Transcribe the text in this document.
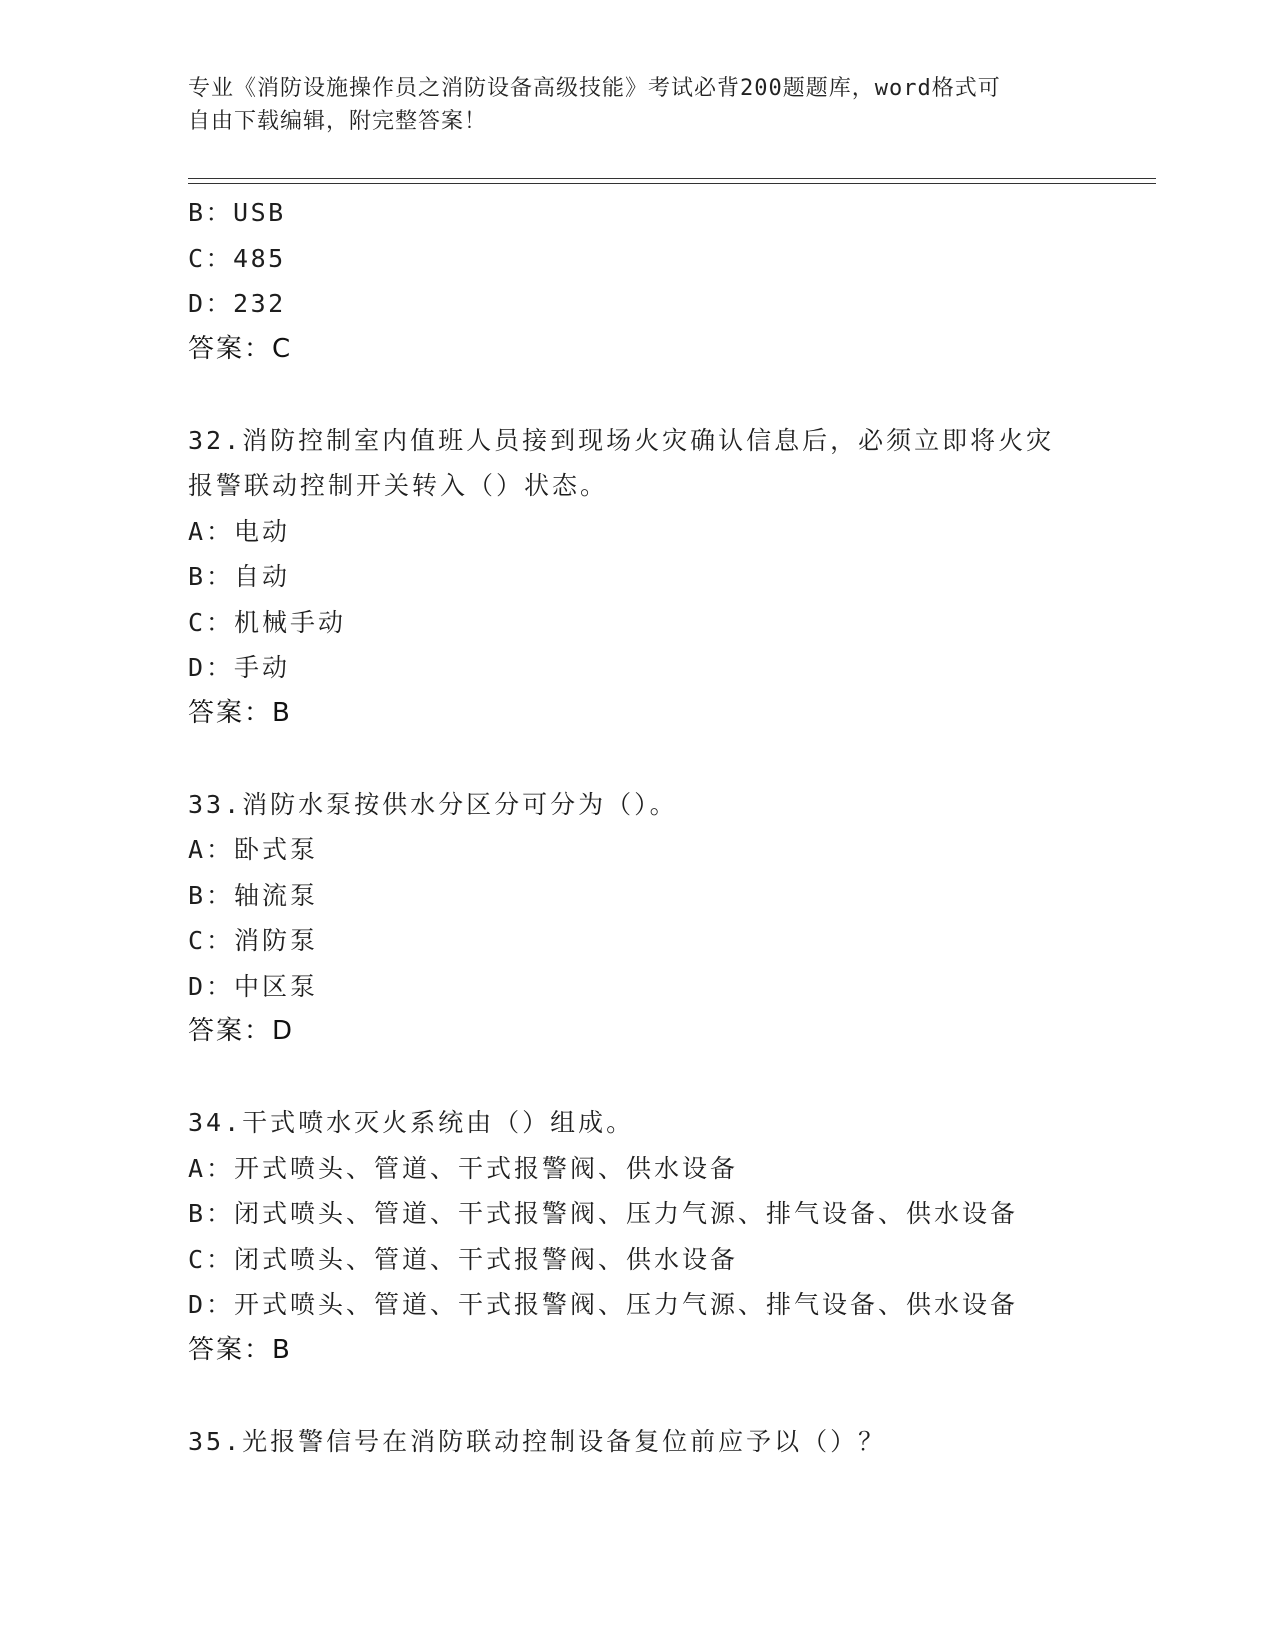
专业《消防设施操作员之消防设备高级技能》考试必背200题题库，word格式可
自由下载编辑，附完整答案！
B：USB
C：485
D：232
答案：C
32.消防控制室内值班人员接到现场火灾确认信息后，必须立即将火灾
报警联动控制开关转入（）状态。
A：电动
B：自动
C：机械手动
D：手动
答案：B
33.消防水泵按供水分区分可分为（）。
A：卧式泵
B：轴流泵
C：消防泵
D：中区泵
答案：D
34.干式喷水灭火系统由（）组成。
A：开式喷头、管道、干式报警阀、供水设备
B：闭式喷头、管道、干式报警阀、压力气源、排气设备、供水设备
C：闭式喷头、管道、干式报警阀、供水设备
D：开式喷头、管道、干式报警阀、压力气源、排气设备、供水设备
答案：B
35.光报警信号在消防联动控制设备复位前应予以（）？
